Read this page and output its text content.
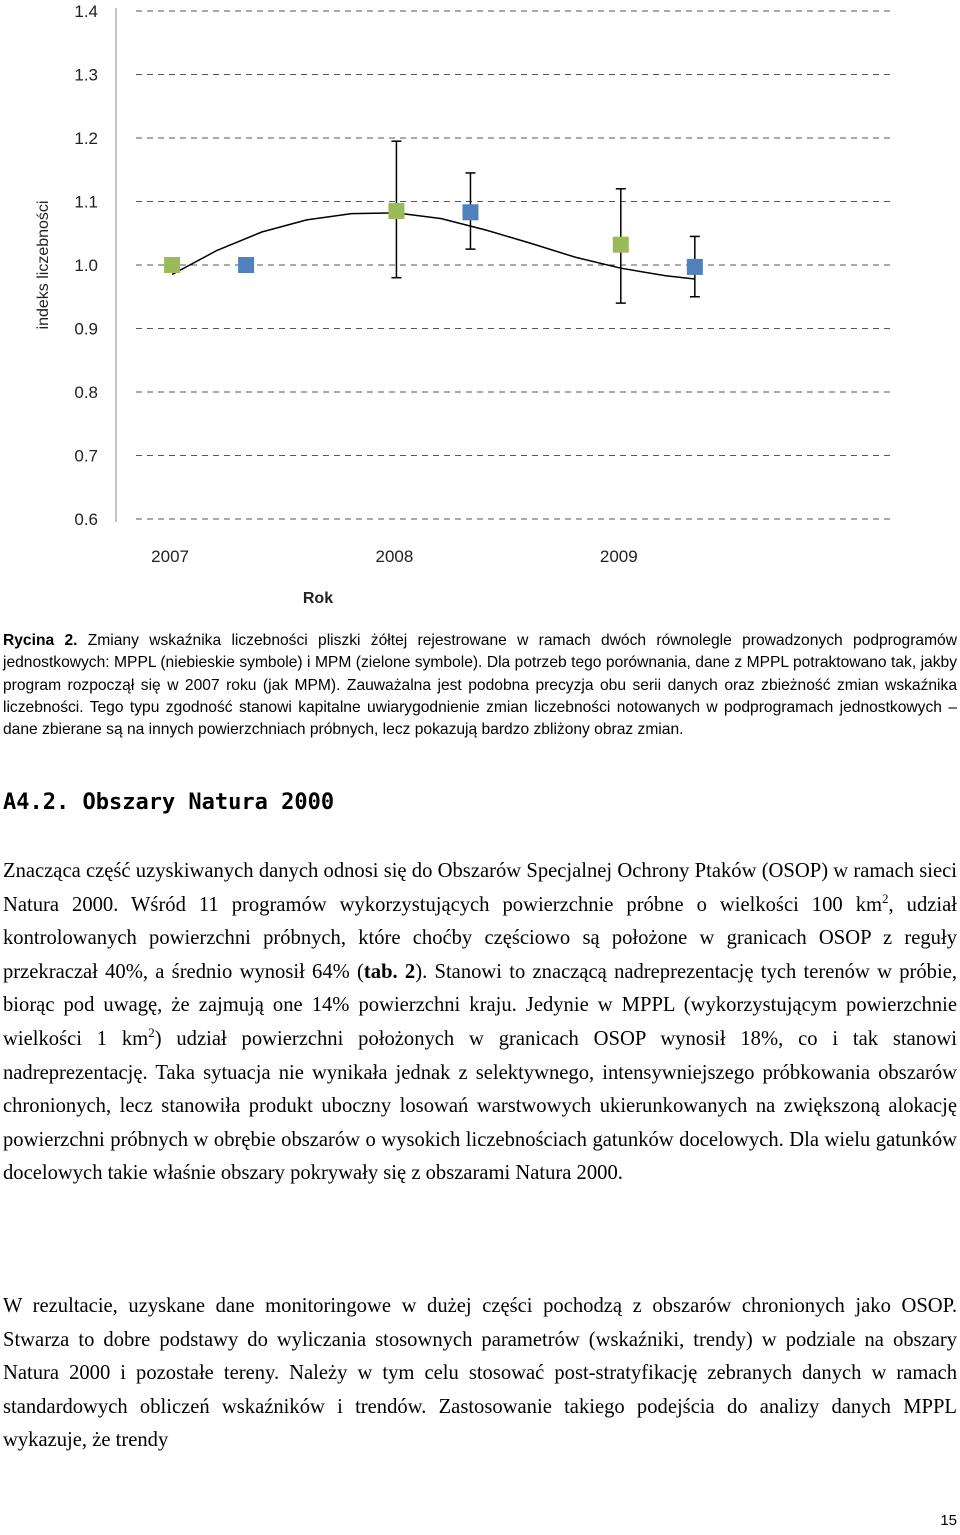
1.4
1.3
1.2
1.1
1.0
0.9
0.8
0.7
0.6
2007	2008	2009
indeks liczebności
Rok

Rycina 2. Zmiany wskaźnika liczebności pliszki żółtej rejestrowane w ramach dwóch równolegle prowadzonych podprogramów jednostkowych: MPPL (niebieskie symbole) i MPM (zielone symbole). Dla potrzeb tego porównania, dane z MPPL potraktowano tak, jakby program rozpoczął się w 2007 roku (jak MPM). Zauważalna jest podobna precyzja obu serii danych oraz zbieżność zmian wskaźnika liczebności. Tego typu zgodność stanowi kapitalne uwiarygodnienie zmian liczebności notowanych w podprogramach jednostkowych – dane zbierane są na innych powierzchniach próbnych, lecz pokazują bardzo zbliżony obraz zmian.

A4.2. Obszary Natura 2000

Znacząca część uzyskiwanych danych odnosi się do Obszarów Specjalnej Ochrony Ptaków (OSOP) w ramach sieci Natura 2000. Wśród 11 programów wykorzystujących powierzchnie próbne o wielkości 100 $km^2$, udział kontrolowanych powierzchni próbnych, które choćby częściowo są położone w granicach OSOP z reguły przekraczał 40%, a średnio wynosił 64% (tab. 2). Stanowi to znaczącą nadreprezentację tych terenów w próbie, biorąc pod uwagę, że zajmują one 14% powierzchni kraju. Jedynie w MPPL (wykorzystującym powierzchnie wielkości 1 $km^2$) udział powierzchni położonych w granicach OSOP wynosił 18%, co i tak stanowi nadreprezentację. Taka sytuacja nie wynikała jednak z selektywnego, intensywniejszego próbkowania obszarów chronionych, lecz stanowiła produkt uboczny losowań warstwowych ukierunkowanych na zwiększoną alokację powierzchni próbnych w obrębie obszarów o wysokich liczebnościach gatunków docelowych. Dla wielu gatunków docelowych takie właśnie obszary pokrywały się z obszarami Natura 2000.

W rezultacie, uzyskane dane monitoringowe w dużej części pochodzą z obszarów chronionych jako OSOP. Stwarza to dobre podstawy do wyliczania stosownych parametrów (wskaźniki, trendy) w podziale na obszary Natura 2000 i pozostałe tereny. Należy w tym celu stosować post-stratyfikację zebranych danych w ramach standardowych obliczeń wskaźników i trendów. Zastosowanie takiego podejścia do analizy danych MPPL wykazuje, że trendy

15
